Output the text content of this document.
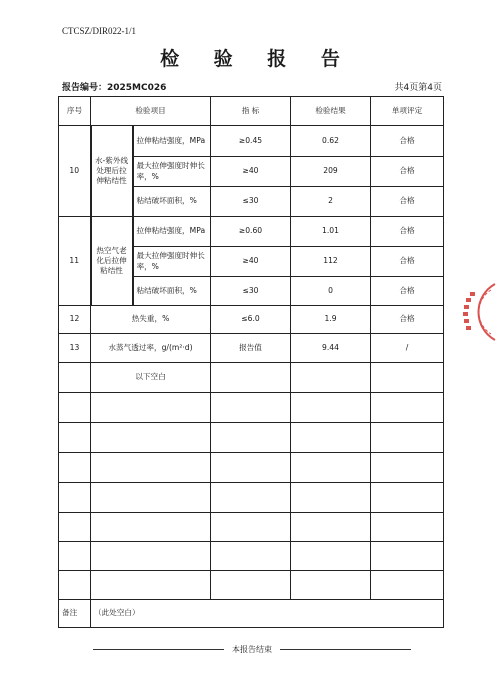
CTCSZ/DIR022-1/1
检 验 报 告
报告编号：2025MC026	共4页第4页
序号	检验项目		指 标	检验结果	单项评定
10	水-紫外线处理后拉伸粘结性	拉伸粘结强度，MPa	≥0.45	0.62	合格
		最大拉伸强度时伸长率，%	≥40	209	合格
		粘结破坏面积，%	≤30	2	合格
11	热空气老化后拉伸粘结性	拉伸粘结强度，MPa	≥0.60	1.01	合格
		最大拉伸强度时伸长率，%	≥40	112	合格
		粘结破坏面积，%	≤30	0	合格
12	热失重，%		≤6.0	1.9	合格
13	水蒸气透过率，g/(m²·d)		报告值	9.44	/
	以下空白				

备注	（此处空白）				
本报告结束
